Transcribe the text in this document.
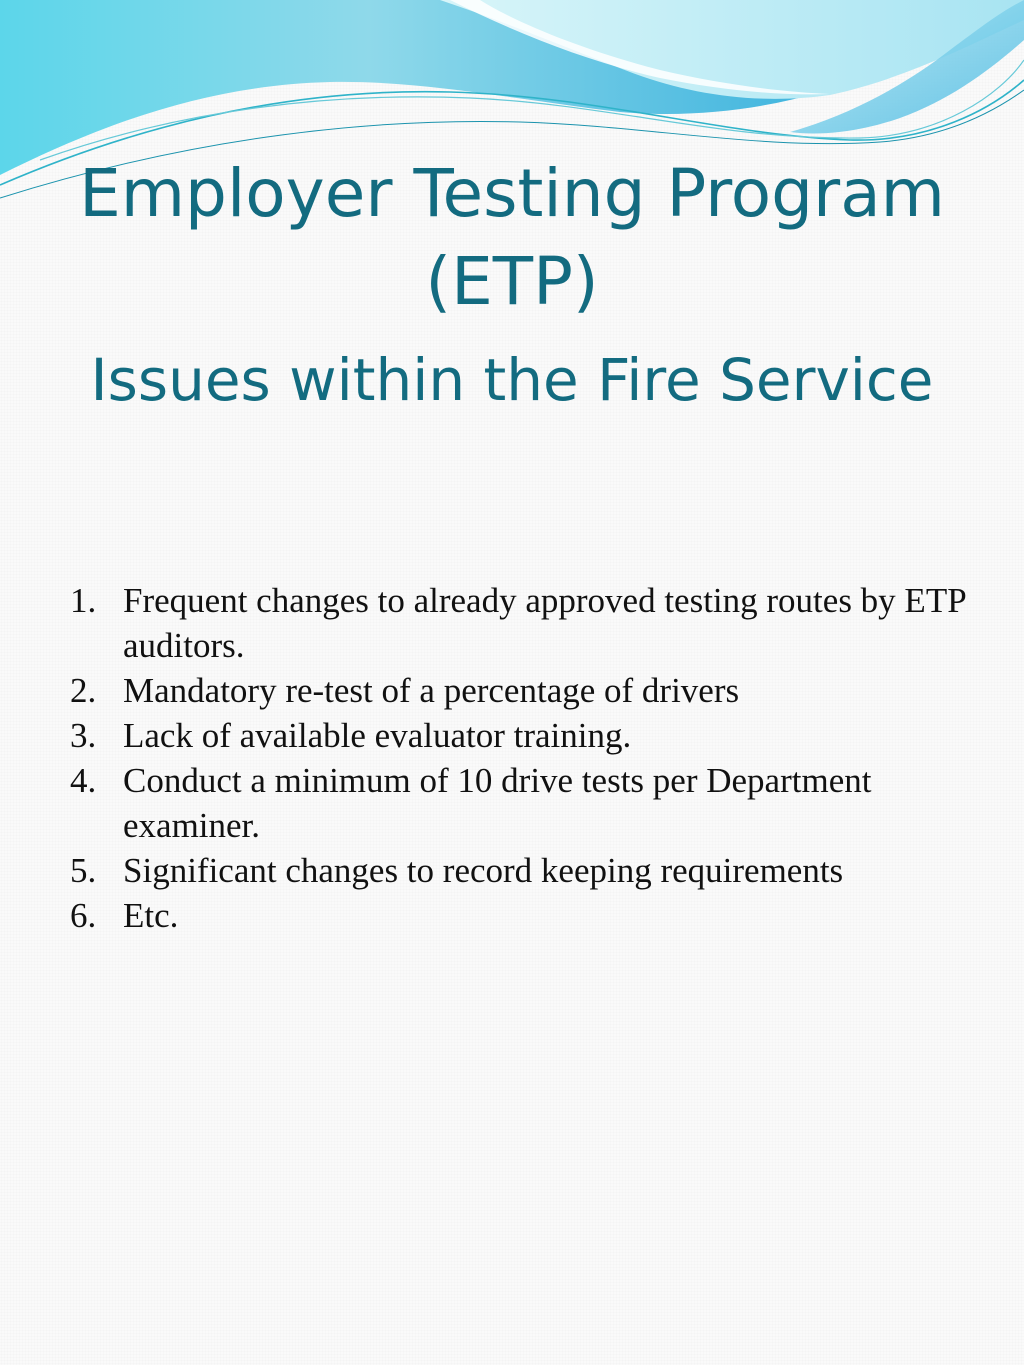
Employer Testing Program
(ETP)
Issues within the Fire Service
1. Frequent changes to already approved testing routes by ETP auditors.
2. Mandatory re-test of a percentage of drivers
3. Lack of available evaluator training.
4. Conduct a minimum of 10 drive tests per Department examiner.
5. Significant changes to record keeping requirements
6. Etc.
